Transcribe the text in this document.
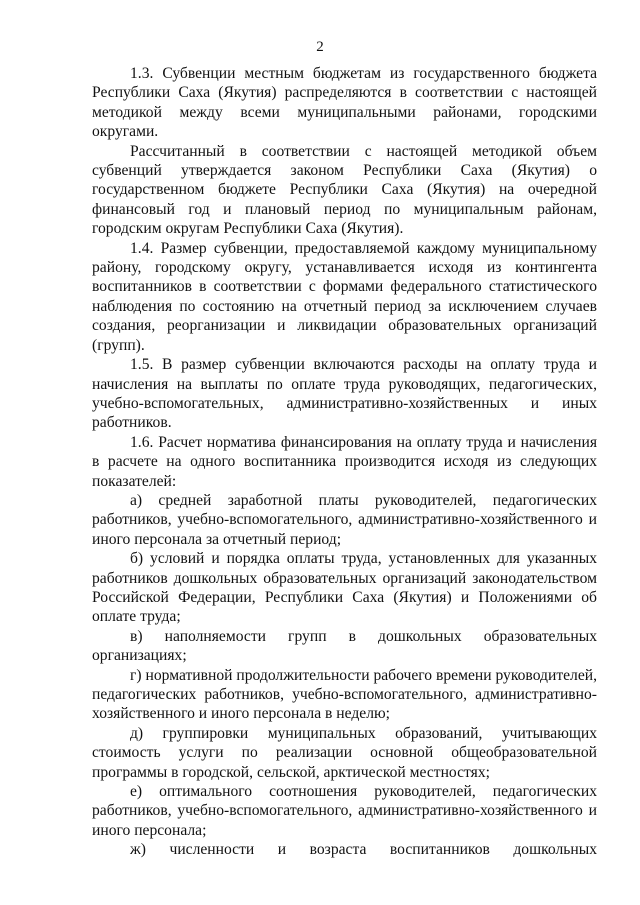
2

1.3. Субвенции местным бюджетам из государственного бюджета Республики Саха (Якутия) распределяются в соответствии с настоящей методикой между всеми муниципальными районами, городскими округами.

Рассчитанный в соответствии с настоящей методикой объем субвенций утверждается законом Республики Саха (Якутия) о государственном бюджете Республики Саха (Якутия) на очередной финансовый год и плановый период по муниципальным районам, городским округам Республики Саха (Якутия).

1.4. Размер субвенции, предоставляемой каждому муниципальному району, городскому округу, устанавливается исходя из контингента воспитанников в соответствии с формами федерального статистического наблюдения по состоянию на отчетный период за исключением случаев создания, реорганизации и ликвидации образовательных организаций (групп).

1.5. В размер субвенции включаются расходы на оплату труда и начисления на выплаты по оплате труда руководящих, педагогических, учебно-вспомогательных, административно-хозяйственных и иных работников.

1.6. Расчет норматива финансирования на оплату труда и начисления в расчете на одного воспитанника производится исходя из следующих показателей:

а) средней заработной платы руководителей, педагогических работников, учебно-вспомогательного, административно-хозяйственного и иного персонала за отчетный период;

б) условий и порядка оплаты труда, установленных для указанных работников дошкольных образовательных организаций законодательством Российской Федерации, Республики Саха (Якутия) и Положениями об оплате труда;

в) наполняемости групп в дошкольных образовательных организациях;

г) нормативной продолжительности рабочего времени руководителей, педагогических работников, учебно-вспомогательного, административно-хозяйственного и иного персонала в неделю;

д) группировки муниципальных образований, учитывающих стоимость услуги по реализации основной общеобразовательной программы в городской, сельской, арктической местностях;

е) оптимального соотношения руководителей, педагогических работников, учебно-вспомогательного, административно-хозяйственного и иного персонала;

ж) численности и возраста воспитанников дошкольных
